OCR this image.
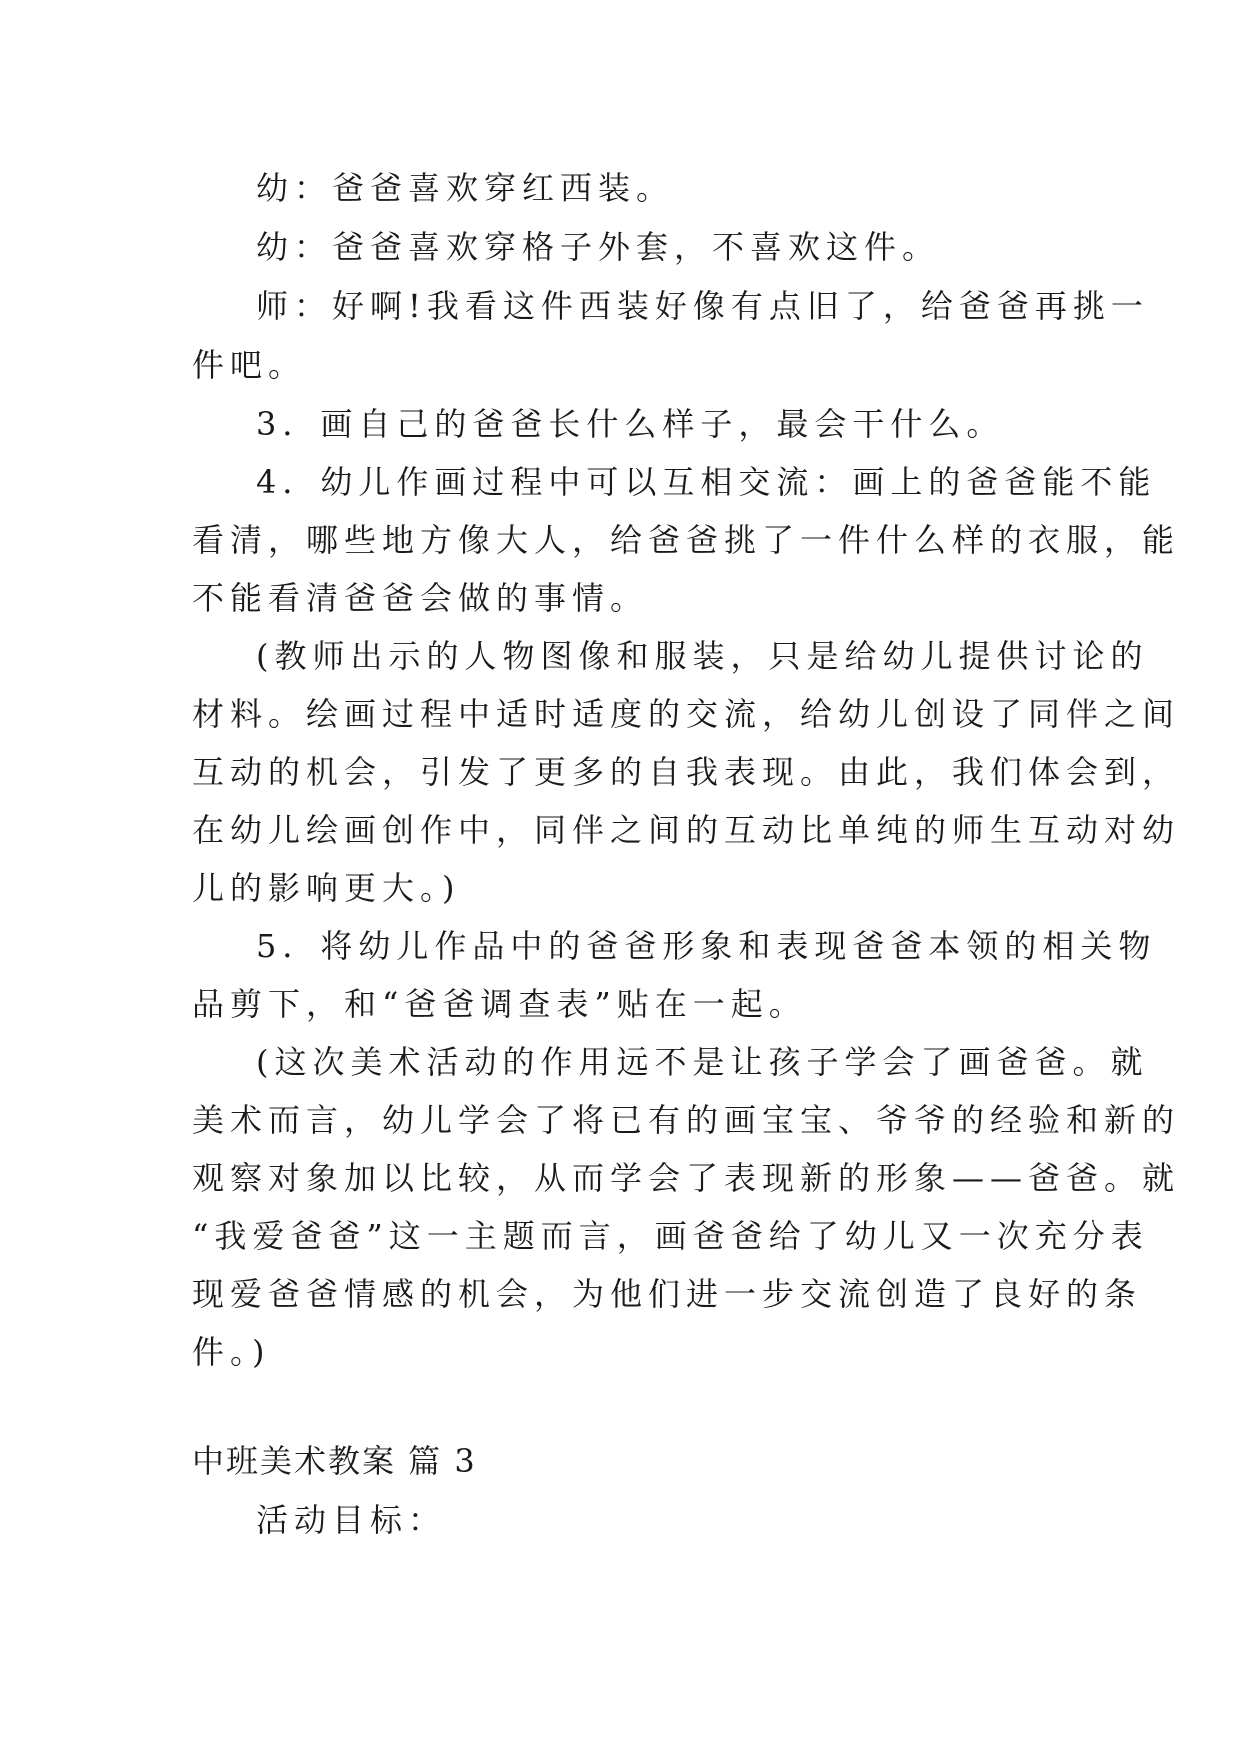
幼：爸爸喜欢穿红西装。
幼：爸爸喜欢穿格子外套，不喜欢这件。
师：好啊!我看这件西装好像有点旧了，给爸爸再挑一
件吧。
3．画自己的爸爸长什么样子，最会干什么。
4．幼儿作画过程中可以互相交流：画上的爸爸能不能
看清，哪些地方像大人，给爸爸挑了一件什么样的衣服，能
不能看清爸爸会做的事情。
(教师出示的人物图像和服装，只是给幼儿提供讨论的
材料。绘画过程中适时适度的交流，给幼儿创设了同伴之间
互动的机会，引发了更多的自我表现。由此，我们体会到，
在幼儿绘画创作中，同伴之间的互动比单纯的师生互动对幼
儿的影响更大。)
5．将幼儿作品中的爸爸形象和表现爸爸本领的相关物
品剪下，和“爸爸调查表”贴在一起。
(这次美术活动的作用远不是让孩子学会了画爸爸。就
美术而言，幼儿学会了将已有的画宝宝、爷爷的经验和新的
观察对象加以比较，从而学会了表现新的形象——爸爸。就
“我爱爸爸”这一主题而言，画爸爸给了幼儿又一次充分表
现爱爸爸情感的机会，为他们进一步交流创造了良好的条
件。)
中班美术教案 篇 3
活动目标：
